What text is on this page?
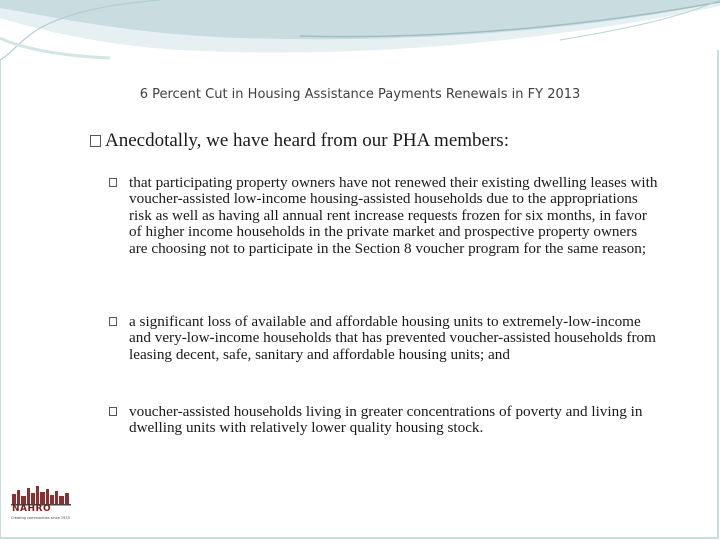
6 Percent Cut in Housing Assistance Payments Renewals in FY 2013
Anecdotally, we have heard from our PHA members:
that participating property owners have not renewed their existing dwelling leases with voucher-assisted low-income housing-assisted households due to the appropriations risk as well as having all annual rent increase requests frozen for six months, in favor of higher income households in the private market and prospective property owners are choosing not to participate in the Section 8 voucher program for the same reason;
a significant loss of available and affordable housing units to extremely-low-income and very-low-income households that has prevented voucher-assisted households from leasing decent, safe, sanitary and affordable housing units; and
voucher-assisted households living in greater concentrations of poverty and living in dwelling units with relatively lower quality housing stock.
NAHRO
Creating communities since 1933
